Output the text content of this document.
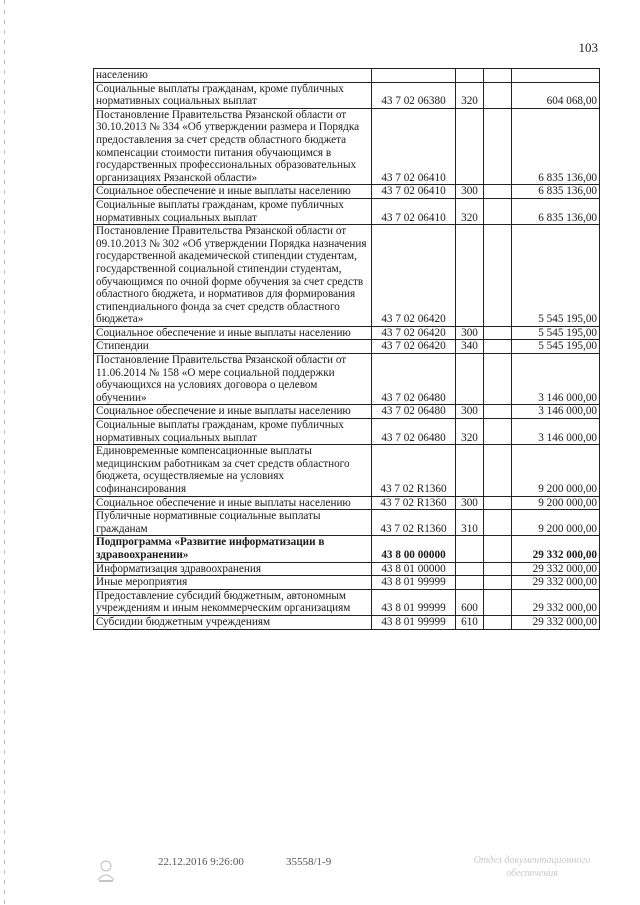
103
населению				
Социальные выплаты гражданам, кроме публичных нормативных социальных выплат	43 7 02 06380	320		604 068,00
Постановление Правительства Рязанской области от 30.10.2013 № 334 «Об утверждении размера и Порядка предоставления за счет средств областного бюджета компенсации стоимости питания обучающимся в государственных профессиональных образовательных организациях Рязанской области»	43 7 02 06410			6 835 136,00
Социальное обеспечение и иные выплаты населению	43 7 02 06410	300		6 835 136,00
Социальные выплаты гражданам, кроме публичных нормативных социальных выплат	43 7 02 06410	320		6 835 136,00
Постановление Правительства Рязанской области от 09.10.2013 № 302 «Об утверждении Порядка назначения государственной академической стипендии студентам, государственной социальной стипендии студентам, обучающимся по очной форме обучения за счет средств областного бюджета, и нормативов для формирования стипендиального фонда за счет средств областного бюджета»	43 7 02 06420			5 545 195,00
Социальное обеспечение и иные выплаты населению	43 7 02 06420	300		5 545 195,00
Стипендии	43 7 02 06420	340		5 545 195,00
Постановление Правительства Рязанской области от 11.06.2014 № 158 «О мере социальной поддержки обучающихся на условиях договора о целевом обучении»	43 7 02 06480			3 146 000,00
Социальное обеспечение и иные выплаты населению	43 7 02 06480	300		3 146 000,00
Социальные выплаты гражданам, кроме публичных нормативных социальных выплат	43 7 02 06480	320		3 146 000,00
Единовременные компенсационные выплаты медицинским работникам за счет средств областного бюджета, осуществляемые на условиях софинансирования	43 7 02 R1360			9 200 000,00
Социальное обеспечение и иные выплаты населению	43 7 02 R1360	300		9 200 000,00
Публичные нормативные социальные выплаты гражданам	43 7 02 R1360	310		9 200 000,00
Подпрограмма «Развитие информатизации в здравоохранении»	43 8 00 00000			29 332 000,00
Информатизация здравоохранения	43 8 01 00000			29 332 000,00
Иные мероприятия	43 8 01 99999			29 332 000,00
Предоставление субсидий бюджетным, автономным учреждениям и иным некоммерческим организациям	43 8 01 99999	600		29 332 000,00
Субсидии бюджетным учреждениям	43 8 01 99999	610		29 332 000,00
22.12.2016 9:26:00	35558/1-9	Отдел документационного обеспечения
